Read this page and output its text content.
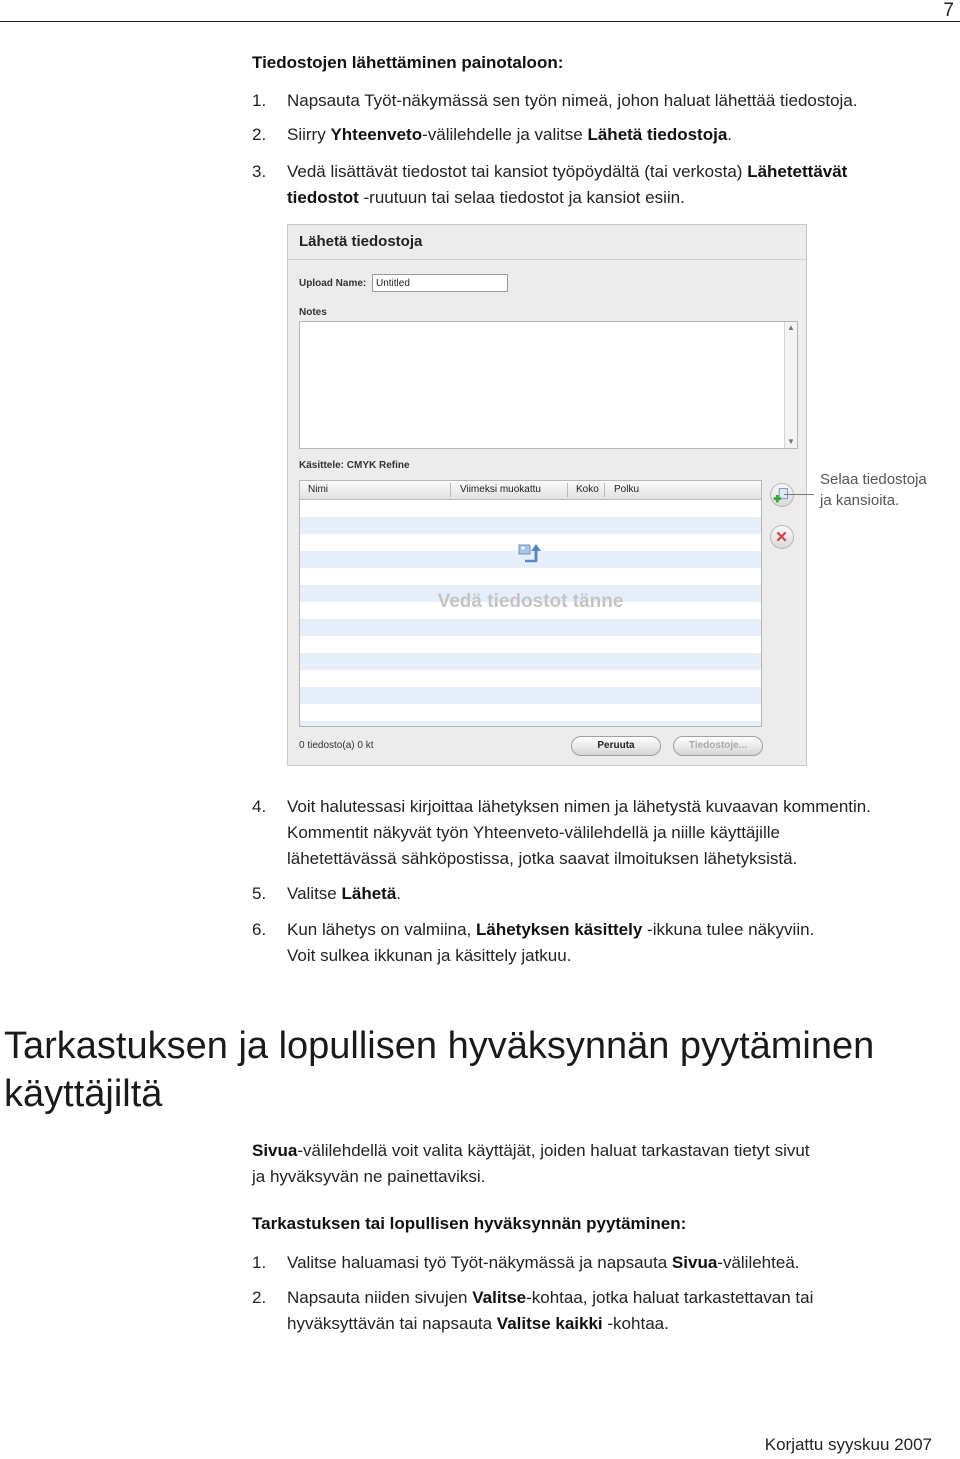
7
Tiedostojen lähettäminen painotaloon:
1. Napsauta Työt-näkymässä sen työn nimeä, johon haluat lähettää tiedostoja.
2. Siirry Yhteenveto-välilehdelle ja valitse Lähetä tiedostoja.
3. Vedä lisättävät tiedostot tai kansiot työpöydältä (tai verkosta) Lähetettävät
tiedostot -ruutuun tai selaa tiedostot ja kansiot esiin.
Lähetä tiedostoja
Upload Name:
Untitled
Notes
▲
▼
Käsittele: CMYK Refine
Nimi	Viimeksi muokattu	Koko Polku
Vedä tiedostot tänne
0 tiedosto(a) 0 kt	Peruuta	Tiedostoje...
Selaa tiedostoja
ja kansioita.
4. Voit halutessasi kirjoittaa lähetyksen nimen ja lähetystä kuvaavan kommentin.
Kommentit näkyvät työn Yhteenveto-välilehdellä ja niille käyttäjille
lähetettävässä sähköpostissa, jotka saavat ilmoituksen lähetyksistä.
5. Valitse Lähetä.
6. Kun lähetys on valmiina, Lähetyksen käsittely -ikkuna tulee näkyviin.
Voit sulkea ikkunan ja käsittely jatkuu.
Tarkastuksen ja lopullisen hyväksynnän pyytäminen
käyttäjiltä
Sivua-välilehdellä voit valita käyttäjät, joiden haluat tarkastavan tietyt sivut
ja hyväksyvän ne painettaviksi.
Tarkastuksen tai lopullisen hyväksynnän pyytäminen:
1. Valitse haluamasi työ Työt-näkymässä ja napsauta Sivua-välilehteä.
2. Napsauta niiden sivujen Valitse-kohtaa, jotka haluat tarkastettavan tai
hyväksyttävän tai napsauta Valitse kaikki -kohtaa.
Korjattu syyskuu 2007
